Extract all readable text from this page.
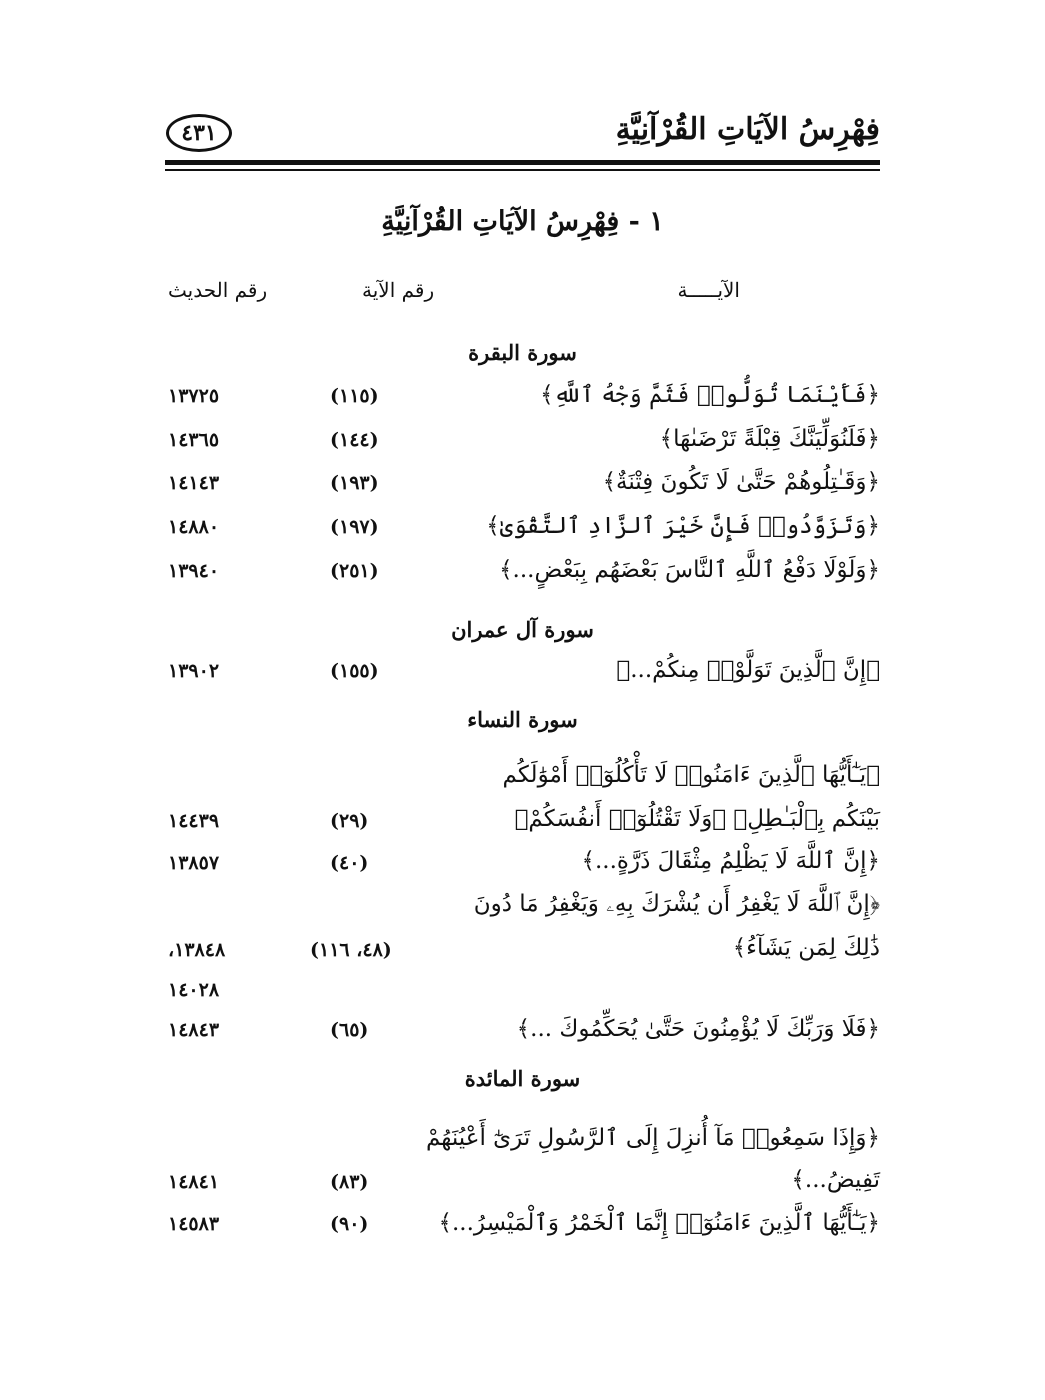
فِهْرِسُ الآيَاتِ القُرْآنِيَّةِ
٤٣١
١ - فِهْرِسُ الآيَاتِ القُرْآنِيَّةِ
الآيـــــة
رقم الآية
رقم الحديث
سورة البقرة
﴿فَأَيْنَمَا تُوَلُّوا۟ فَثَمَّ وَجْهُ ٱللَّهِ﴾
(١١٥)
١٣٧٢٥
﴿فَلَنُوَلِّيَنَّكَ قِبْلَةً تَرْضَىٰهَا﴾
(١٤٤)
١٤٣٦٥
﴿وَقَـٰتِلُوهُمْ حَتَّىٰ لَا تَكُونَ فِتْنَةٌ﴾
(١٩٣)
١٤١٤٣
﴿وَتَزَوَّدُوا۟ فَإِنَّ خَيْرَ ٱلزَّادِ ٱلتَّقْوَىٰ﴾
(١٩٧)
١٤٨٨٠
﴿وَلَوْلَا دَفْعُ ٱللَّهِ ٱلنَّاسَ بَعْضَهُم بِبَعْضٍ...﴾
(٢٥١)
١٣٩٤٠
سورة آل عمران
﴿إِنَّ ٱلَّذِينَ تَوَلَّوْا۟ مِنكُمْ...﴾
(١٥٥)
١٣٩٠٢
سورة النساء
﴿يَـٰٓأَيُّهَا ٱلَّذِينَ ءَامَنُوا۟ لَا تَأْكُلُوٓا۟ أَمْوَٰلَكُم
بَيْنَكُم بِٱلْبَـٰطِلِ﴾ ﴿وَلَا تَقْتُلُوٓا۟ أَنفُسَكُمْ﴾
(٢٩)
١٤٤٣٩
﴿إِنَّ ٱللَّهَ لَا يَظْلِمُ مِثْقَالَ ذَرَّةٍ...﴾
(٤٠)
١٣٨٥٧
﴿إِنَّ ٱللَّهَ لَا يَغْفِرُ أَن يُشْرَكَ بِهِۦ وَيَغْفِرُ مَا دُونَ
ذَٰلِكَ لِمَن يَشَآءُ﴾
(٤٨، ١١٦)
١٣٨٤٨،
١٤٠٢٨
﴿فَلَا وَرَبِّكَ لَا يُؤْمِنُونَ حَتَّىٰ يُحَكِّمُوكَ ...﴾
(٦٥)
١٤٨٤٣
سورة المائدة
﴿وَإِذَا سَمِعُوا۟ مَآ أُنزِلَ إِلَى ٱلرَّسُولِ تَرَىٰٓ أَعْيُنَهُمْ
تَفِيضُ...﴾
(٨٣)
١٤٨٤١
﴿يَـٰٓأَيُّهَا ٱلَّذِينَ ءَامَنُوٓا۟ إِنَّمَا ٱلْخَمْرُ وَٱلْمَيْسِرُ...﴾
(٩٠)
١٤٥٨٣
